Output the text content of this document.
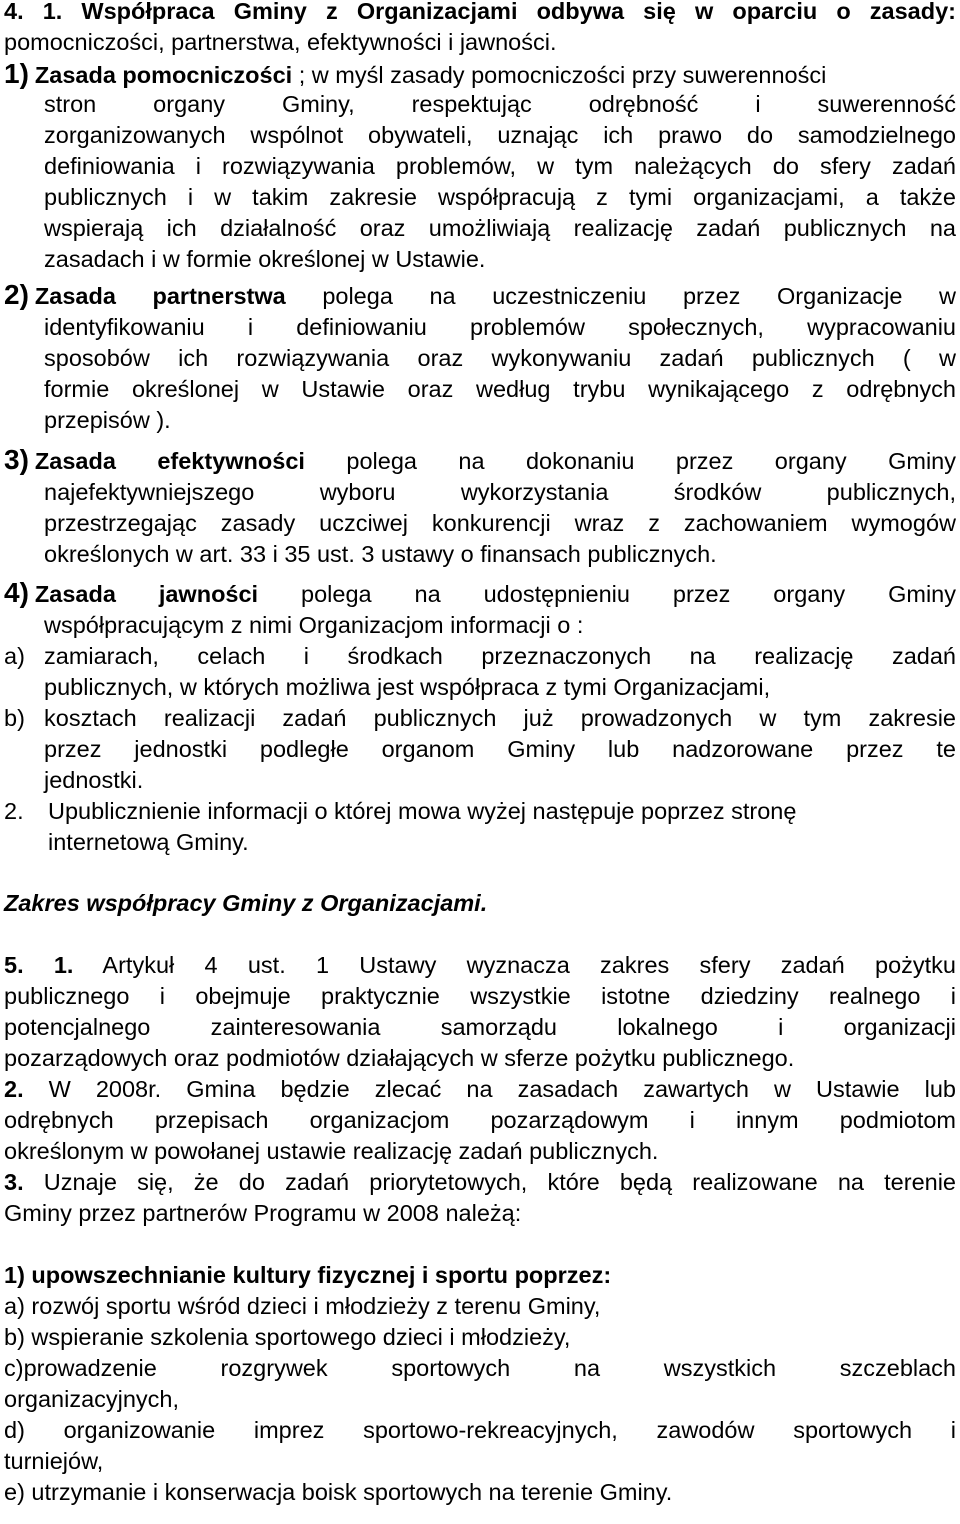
4. 1. Współpraca Gminy z Organizacjami odbywa się w oparciu o zasady:
pomocniczości, partnerstwa, efektywności i jawności.
1) Zasada pomocniczości ; w myśl zasady pomocniczości przy suwerenności
stron organy Gminy, respektując odrębność i suwerenność
zorganizowanych wspólnot obywateli, uznając ich prawo do samodzielnego
definiowania i rozwiązywania problemów, w tym należących do sfery zadań
publicznych i w takim zakresie współpracują z tymi organizacjami, a także
wspierają ich działalność oraz umożliwiają realizację zadań publicznych na
zasadach i w formie określonej w Ustawie.
2) Zasada partnerstwa polega na uczestniczeniu przez Organizacje w
identyfikowaniu i definiowaniu problemów społecznych, wypracowaniu
sposobów ich rozwiązywania oraz wykonywaniu zadań publicznych ( w
formie określonej w Ustawie oraz według trybu wynikającego z odrębnych
przepisów ).
3) Zasada efektywności polega na dokonaniu przez organy Gminy
najefektywniejszego wyboru wykorzystania środków publicznych,
przestrzegając zasady uczciwej konkurencji wraz z zachowaniem wymogów
określonych w art. 33 i 35 ust. 3 ustawy o finansach publicznych.
4) Zasada jawności polega na udostępnieniu przez organy Gminy
współpracującym z nimi Organizacjom informacji o :
a) zamiarach, celach i środkach przeznaczonych na realizację zadań
publicznych, w których możliwa jest współpraca z tymi Organizacjami,
b) kosztach realizacji zadań publicznych już prowadzonych w tym zakresie
przez jednostki podległe organom Gminy lub nadzorowane przez te
jednostki.
2. Upublicznienie informacji o której mowa wyżej następuje poprzez stronę
internetową Gminy.
Zakres współpracy Gminy z Organizacjami.
5. 1. Artykuł 4 ust. 1 Ustawy wyznacza zakres sfery zadań pożytku
publicznego i obejmuje praktycznie wszystkie istotne dziedziny realnego i
potencjalnego zainteresowania samorządu lokalnego i organizacji
pozarządowych oraz podmiotów działających w sferze pożytku publicznego.
2. W 2008r. Gmina będzie zlecać na zasadach zawartych w Ustawie lub
odrębnych przepisach organizacjom pozarządowym i innym podmiotom
określonym w powołanej ustawie realizację zadań publicznych.
3. Uznaje się, że do zadań priorytetowych, które będą realizowane na terenie
Gminy przez partnerów Programu w 2008 należą:
1) upowszechnianie kultury fizycznej i sportu poprzez:
a) rozwój sportu wśród dzieci i młodzieży z terenu Gminy,
b) wspieranie szkolenia sportowego dzieci i młodzieży,
c)prowadzenie rozgrywek sportowych na wszystkich szczeblach
organizacyjnych,
d) organizowanie imprez sportowo-rekreacyjnych, zawodów sportowych i
turniejów,
e) utrzymanie i konserwacja boisk sportowych na terenie Gminy.
